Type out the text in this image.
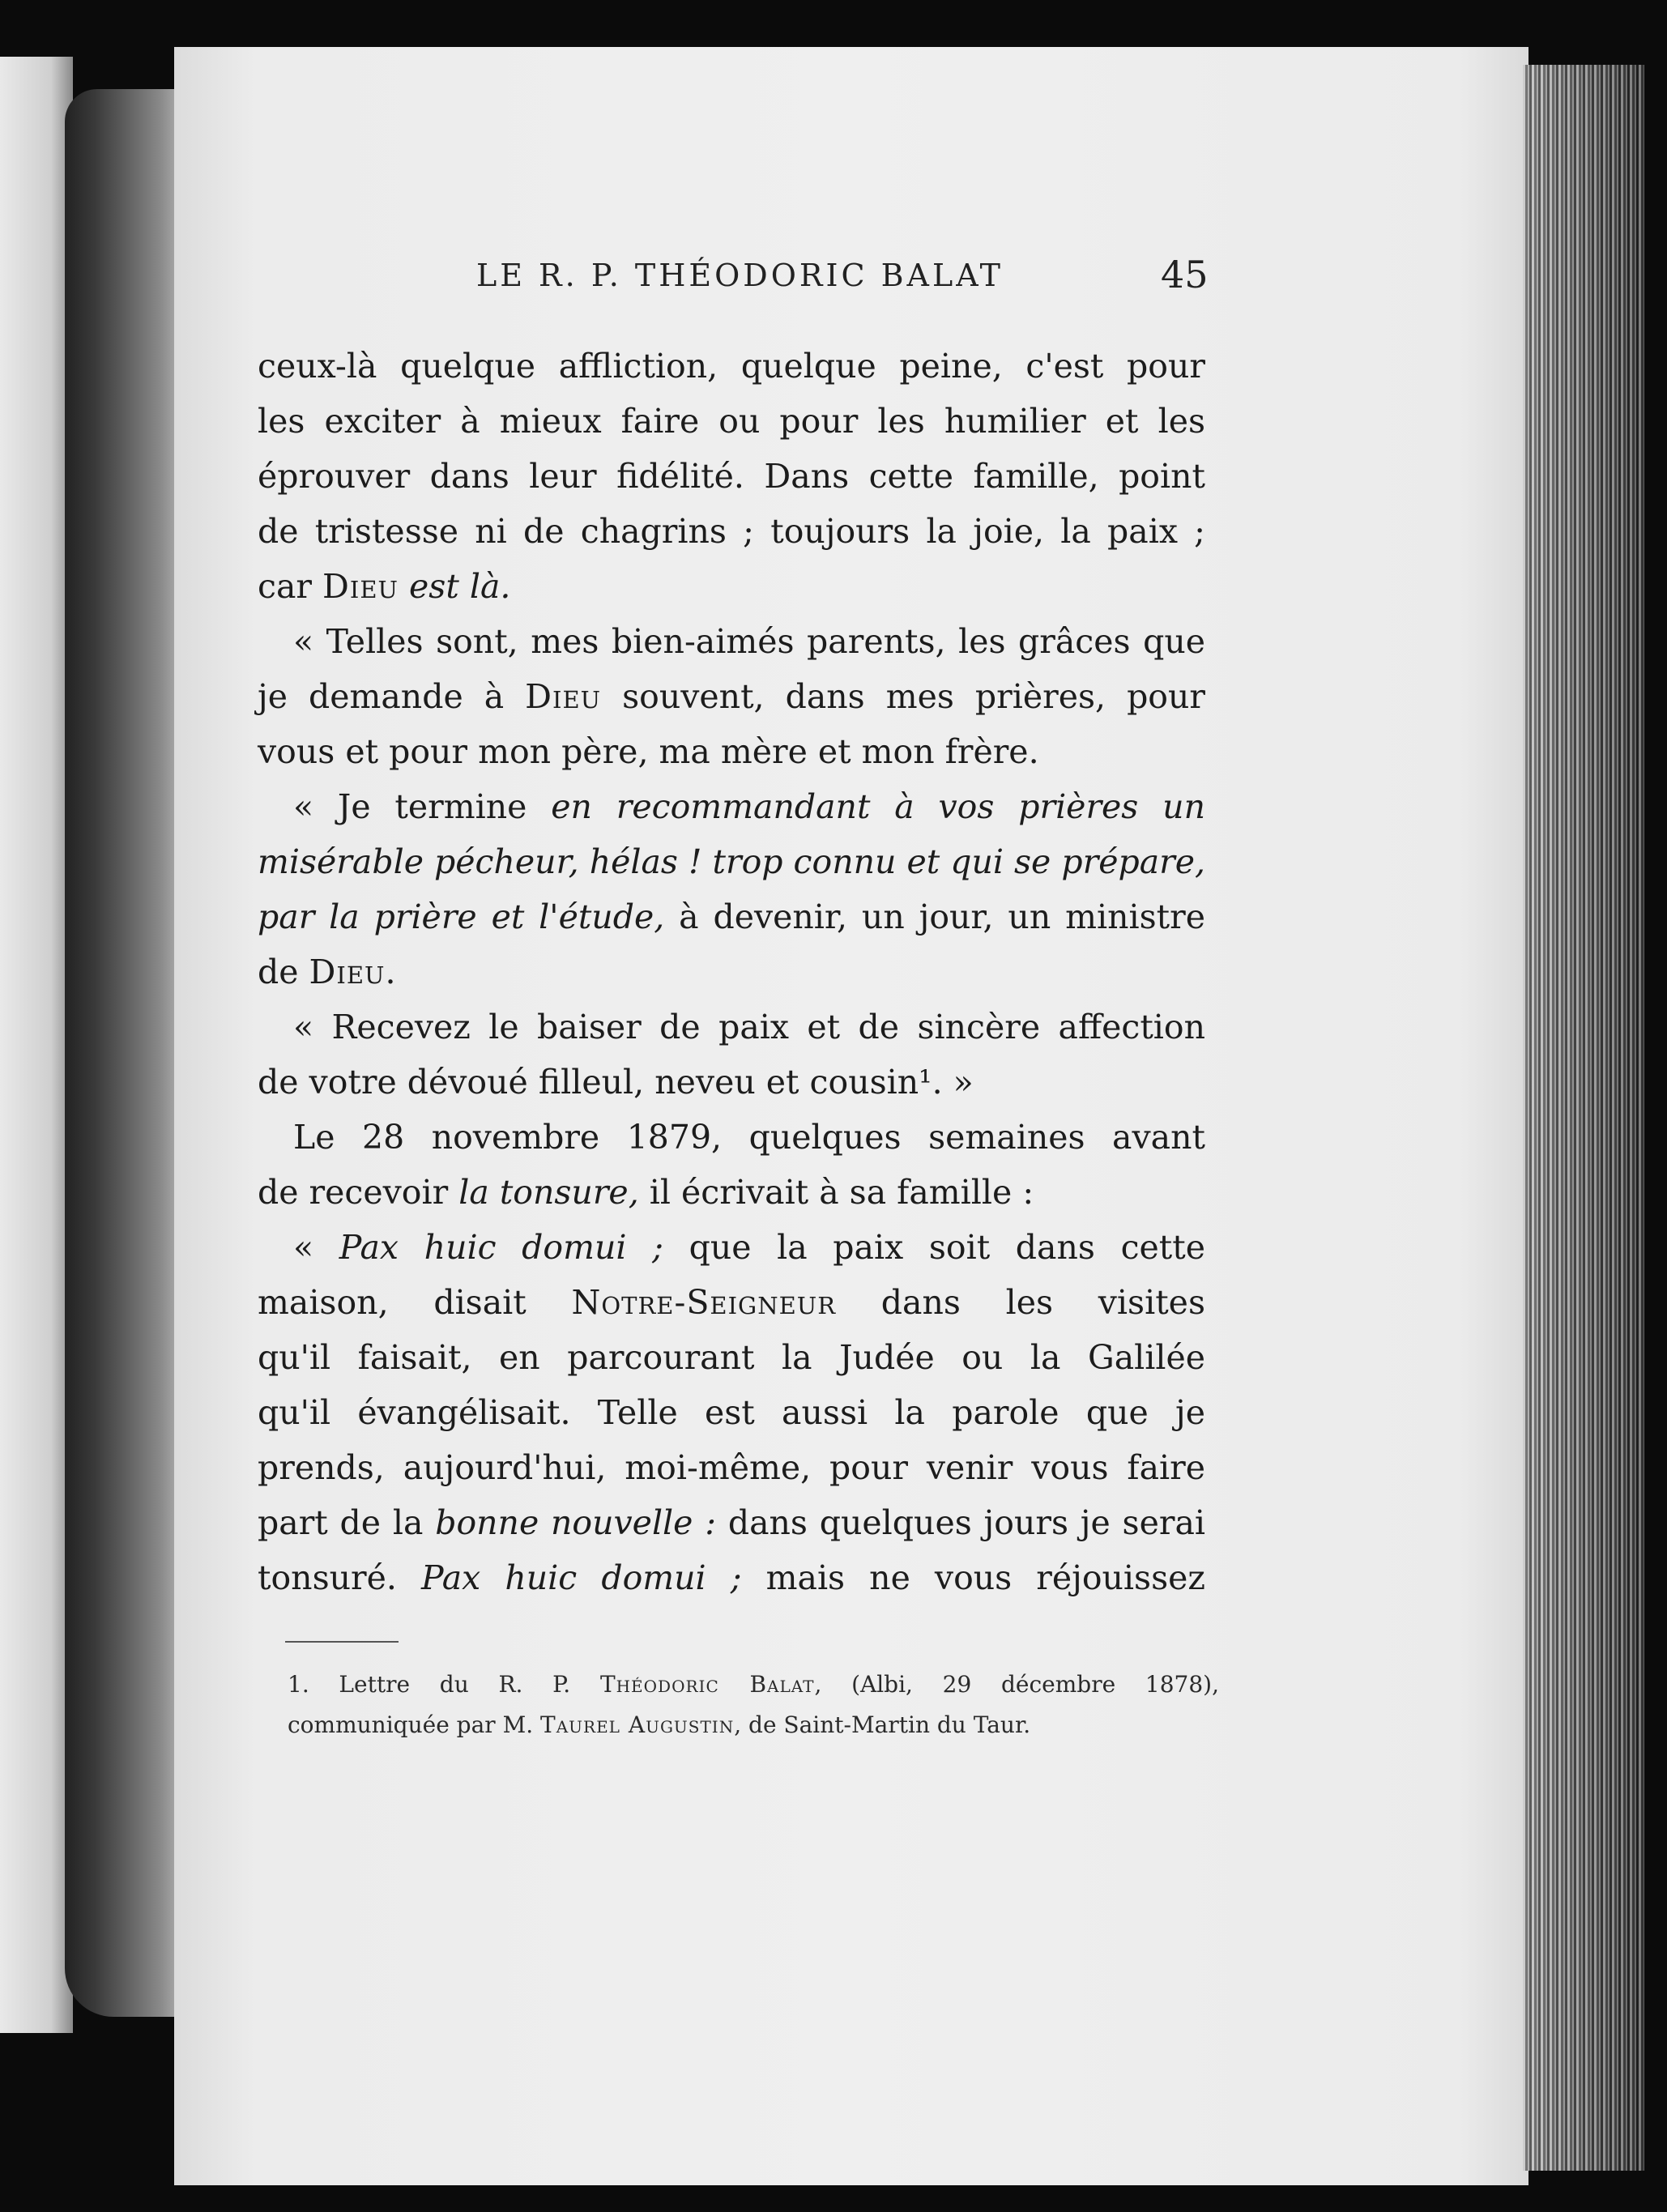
LE R. P. THÉODORIC BALAT	45
ceux-là quelque affliction, quelque peine, c'est pour
les exciter à mieux faire ou pour les humilier et les
éprouver dans leur fidélité. Dans cette famille, point
de tristesse ni de chagrins ; toujours la joie, la paix ;
car Dieu est là.
« Telles sont, mes bien-aimés parents, les grâces que
je demande à Dieu souvent, dans mes prières, pour
vous et pour mon père, ma mère et mon frère.
« Je termine en recommandant à vos prières un
misérable pécheur, hélas ! trop connu et qui se prépare,
par la prière et l'étude, à devenir, un jour, un ministre
de Dieu.
« Recevez le baiser de paix et de sincère affection
de votre dévoué filleul, neveu et cousin¹. »
Le 28 novembre 1879, quelques semaines avant
de recevoir la tonsure, il écrivait à sa famille :
« Pax huic domui ; que la paix soit dans cette
maison, disait Notre-Seigneur dans les visites
qu'il faisait, en parcourant la Judée ou la Galilée
qu'il évangélisait. Telle est aussi la parole que je
prends, aujourd'hui, moi-même, pour venir vous faire
part de la bonne nouvelle : dans quelques jours je serai
tonsuré. Pax huic domui ; mais ne vous réjouissez
1. Lettre du R. P. Théodoric Balat, (Albi, 29 décembre 1878),
communiquée par M. Taurel Augustin, de Saint-Martin du Taur.
